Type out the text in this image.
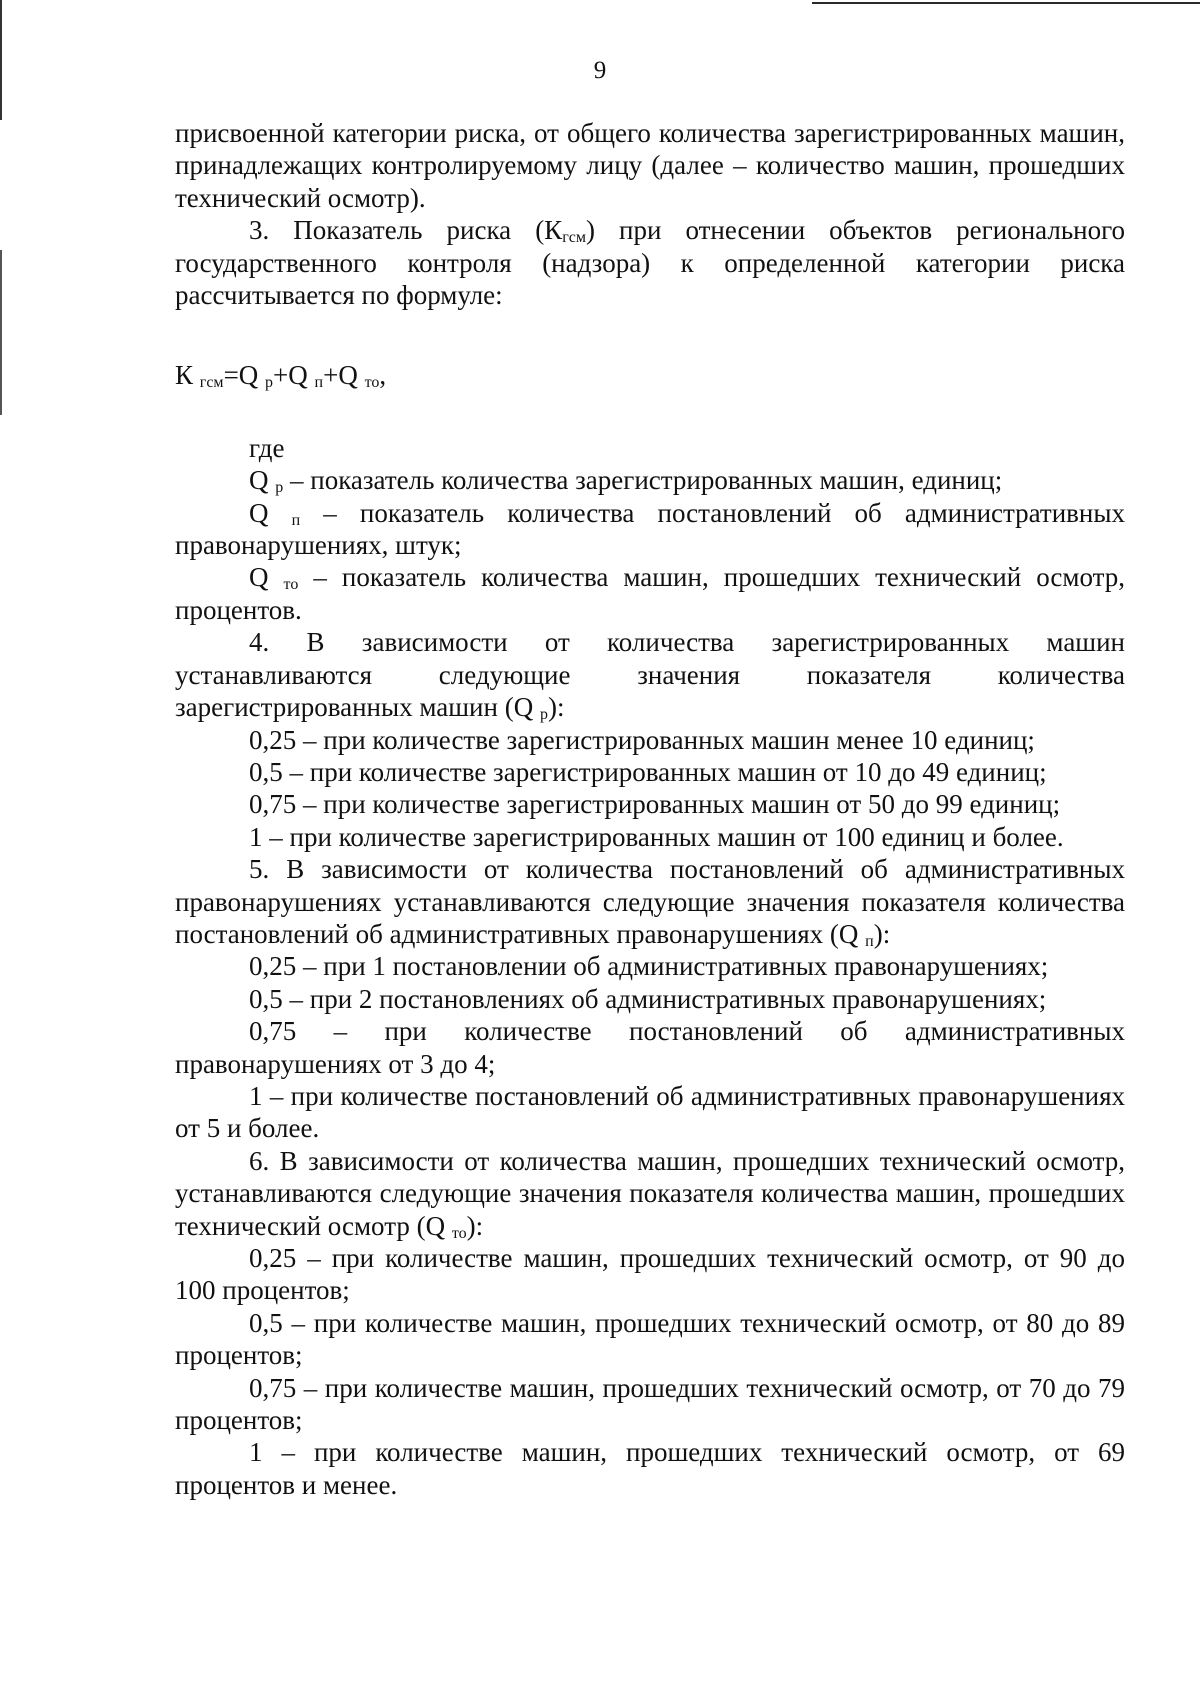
9

присвоенной категории риска, от общего количества зарегистрированных машин, принадлежащих контролируемому лицу (далее – количество машин, прошедших технический осмотр).

3. Показатель риска $(К_{гсм})$ при отнесении объектов регионального государственного контроля (надзора) к определенной категории риска рассчитывается по формуле:

К $_{гсм}$=Q $_р$+Q $_п$+Q $_{то}$,

где

Q $_р$ – показатель количества зарегистрированных машин, единиц;

Q $_п$ – показатель количества постановлений об административных правонарушениях, штук;

Q $_{то}$ – показатель количества машин, прошедших технический осмотр, процентов.

4. В зависимости от количества зарегистрированных машин устанавливаются следующие значения показателя количества зарегистрированных машин (Q $_р$):

0,25 – при количестве зарегистрированных машин менее 10 единиц;

0,5 – при количестве зарегистрированных машин от 10 до 49 единиц;

0,75 – при количестве зарегистрированных машин от 50 до 99 единиц;

1 – при количестве зарегистрированных машин от 100 единиц и более.

5. В зависимости от количества постановлений об административных правонарушениях устанавливаются следующие значения показателя количества постановлений об административных правонарушениях (Q $_п$):

0,25 – при 1 постановлении об административных правонарушениях;

0,5 – при 2 постановлениях об административных правонарушениях;

0,75 – при количестве постановлений об административных правонарушениях от 3 до 4;

1 – при количестве постановлений об административных правонарушениях от 5 и более.

6. В зависимости от количества машин, прошедших технический осмотр, устанавливаются следующие значения показателя количества машин, прошедших технический осмотр (Q $_{то}$):

0,25 – при количестве машин, прошедших технический осмотр, от 90 до 100 процентов;

0,5 – при количестве машин, прошедших технический осмотр, от 80 до 89 процентов;

0,75 – при количестве машин, прошедших технический осмотр, от 70 до 79 процентов;

1 – при количестве машин, прошедших технический осмотр, от 69 процентов и менее.
